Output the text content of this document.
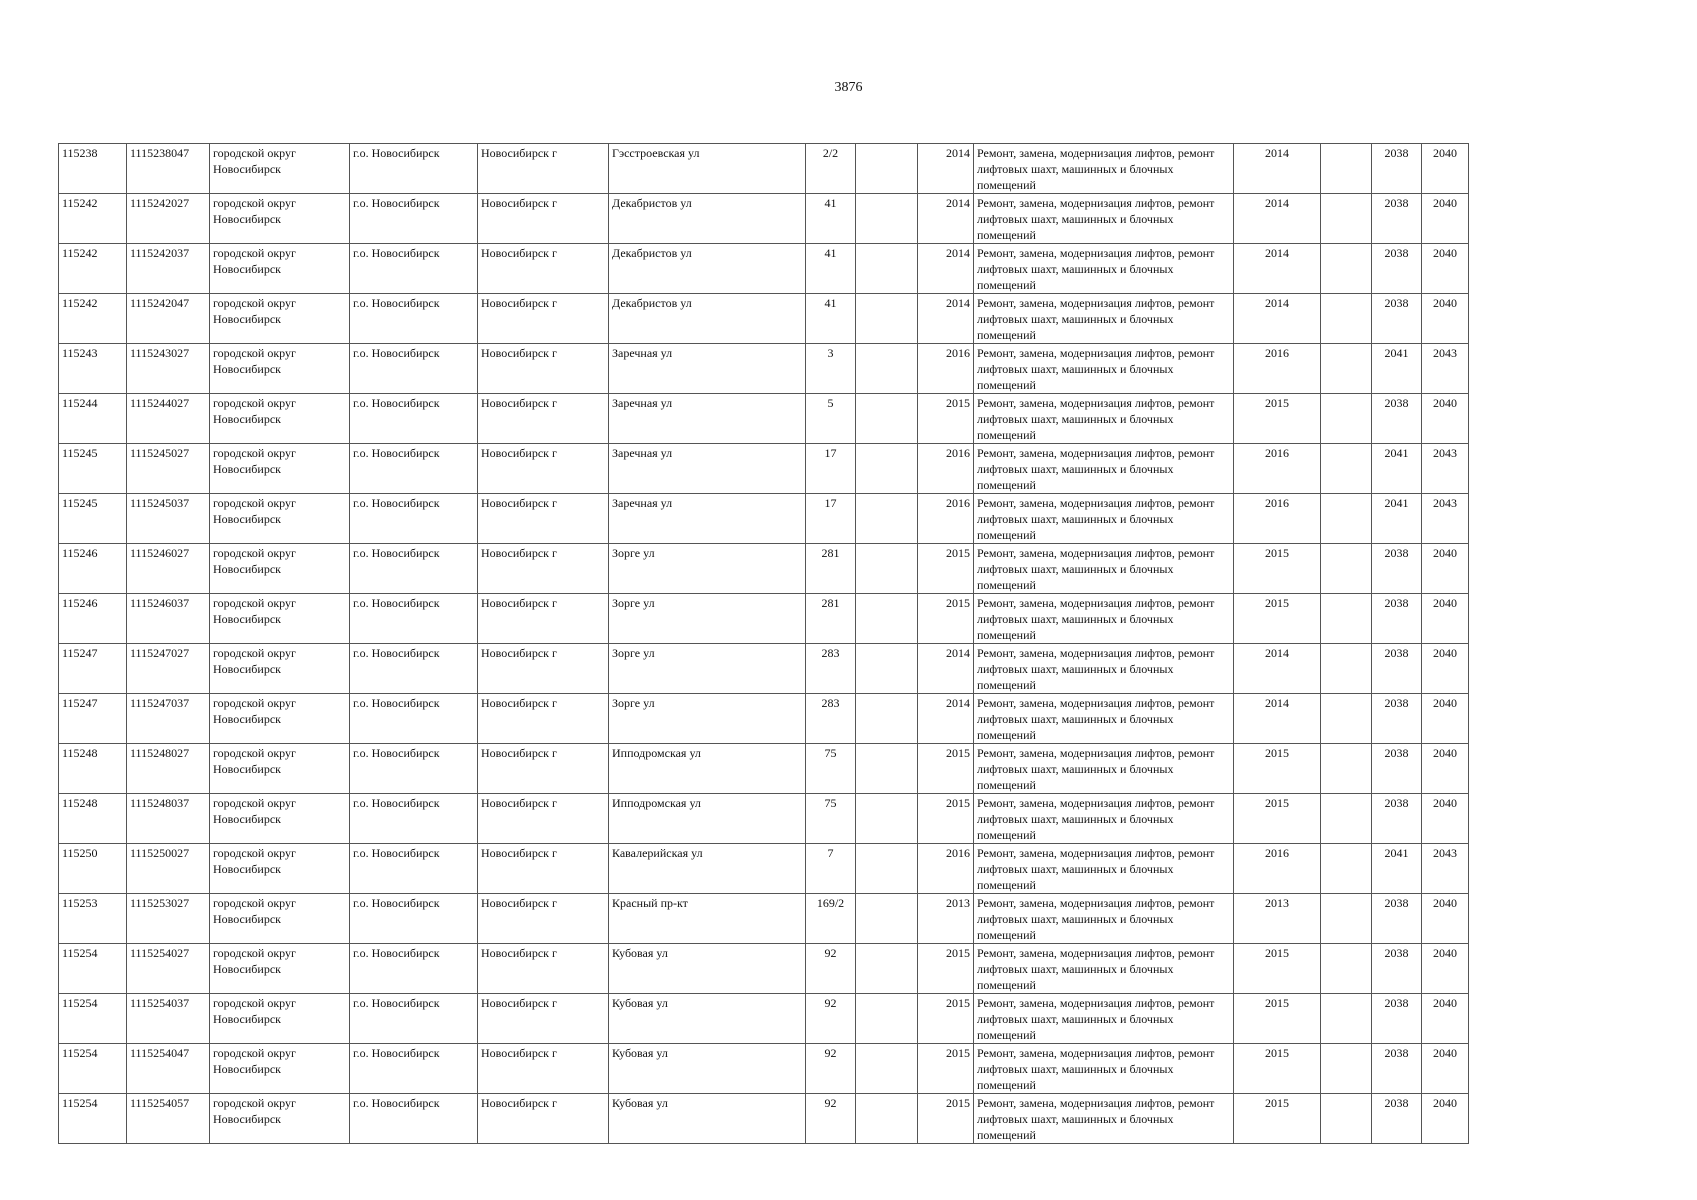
3876
115238	1115238047	городской округ Новосибирск	г.о. Новосибирск	Новосибирск г	Гэсстроевская ул	2/2		2014	Ремонт, замена, модернизация лифтов, ремонт лифтовых шахт, машинных и блочных помещений	2014		2038	2040
115242	1115242027	городской округ Новосибирск	г.о. Новосибирск	Новосибирск г	Декабристов ул	41		2014	Ремонт, замена, модернизация лифтов, ремонт лифтовых шахт, машинных и блочных помещений	2014		2038	2040
115242	1115242037	городской округ Новосибирск	г.о. Новосибирск	Новосибирск г	Декабристов ул	41		2014	Ремонт, замена, модернизация лифтов, ремонт лифтовых шахт, машинных и блочных помещений	2014		2038	2040
115242	1115242047	городской округ Новосибирск	г.о. Новосибирск	Новосибирск г	Декабристов ул	41		2014	Ремонт, замена, модернизация лифтов, ремонт лифтовых шахт, машинных и блочных помещений	2014		2038	2040
115243	1115243027	городской округ Новосибирск	г.о. Новосибирск	Новосибирск г	Заречная ул	3		2016	Ремонт, замена, модернизация лифтов, ремонт лифтовых шахт, машинных и блочных помещений	2016		2041	2043
115244	1115244027	городской округ Новосибирск	г.о. Новосибирск	Новосибирск г	Заречная ул	5		2015	Ремонт, замена, модернизация лифтов, ремонт лифтовых шахт, машинных и блочных помещений	2015		2038	2040
115245	1115245027	городской округ Новосибирск	г.о. Новосибирск	Новосибирск г	Заречная ул	17		2016	Ремонт, замена, модернизация лифтов, ремонт лифтовых шахт, машинных и блочных помещений	2016		2041	2043
115245	1115245037	городской округ Новосибирск	г.о. Новосибирск	Новосибирск г	Заречная ул	17		2016	Ремонт, замена, модернизация лифтов, ремонт лифтовых шахт, машинных и блочных помещений	2016		2041	2043
115246	1115246027	городской округ Новосибирск	г.о. Новосибирск	Новосибирск г	Зорге ул	281		2015	Ремонт, замена, модернизация лифтов, ремонт лифтовых шахт, машинных и блочных помещений	2015		2038	2040
115246	1115246037	городской округ Новосибирск	г.о. Новосибирск	Новосибирск г	Зорге ул	281		2015	Ремонт, замена, модернизация лифтов, ремонт лифтовых шахт, машинных и блочных помещений	2015		2038	2040
115247	1115247027	городской округ Новосибирск	г.о. Новосибирск	Новосибирск г	Зорге ул	283		2014	Ремонт, замена, модернизация лифтов, ремонт лифтовых шахт, машинных и блочных помещений	2014		2038	2040
115247	1115247037	городской округ Новосибирск	г.о. Новосибирск	Новосибирск г	Зорге ул	283		2014	Ремонт, замена, модернизация лифтов, ремонт лифтовых шахт, машинных и блочных помещений	2014		2038	2040
115248	1115248027	городской округ Новосибирск	г.о. Новосибирск	Новосибирск г	Ипподромская ул	75		2015	Ремонт, замена, модернизация лифтов, ремонт лифтовых шахт, машинных и блочных помещений	2015		2038	2040
115248	1115248037	городской округ Новосибирск	г.о. Новосибирск	Новосибирск г	Ипподромская ул	75		2015	Ремонт, замена, модернизация лифтов, ремонт лифтовых шахт, машинных и блочных помещений	2015		2038	2040
115250	1115250027	городской округ Новосибирск	г.о. Новосибирск	Новосибирск г	Кавалерийская ул	7		2016	Ремонт, замена, модернизация лифтов, ремонт лифтовых шахт, машинных и блочных помещений	2016		2041	2043
115253	1115253027	городской округ Новосибирск	г.о. Новосибирск	Новосибирск г	Красный пр-кт	169/2		2013	Ремонт, замена, модернизация лифтов, ремонт лифтовых шахт, машинных и блочных помещений	2013		2038	2040
115254	1115254027	городской округ Новосибирск	г.о. Новосибирск	Новосибирск г	Кубовая ул	92		2015	Ремонт, замена, модернизация лифтов, ремонт лифтовых шахт, машинных и блочных помещений	2015		2038	2040
115254	1115254037	городской округ Новосибирск	г.о. Новосибирск	Новосибирск г	Кубовая ул	92		2015	Ремонт, замена, модернизация лифтов, ремонт лифтовых шахт, машинных и блочных помещений	2015		2038	2040
115254	1115254047	городской округ Новосибирск	г.о. Новосибирск	Новосибирск г	Кубовая ул	92		2015	Ремонт, замена, модернизация лифтов, ремонт лифтовых шахт, машинных и блочных помещений	2015		2038	2040
115254	1115254057	городской округ Новосибирск	г.о. Новосибирск	Новосибирск г	Кубовая ул	92		2015	Ремонт, замена, модернизация лифтов, ремонт лифтовых шахт, машинных и блочных помещений	2015		2038	2040
